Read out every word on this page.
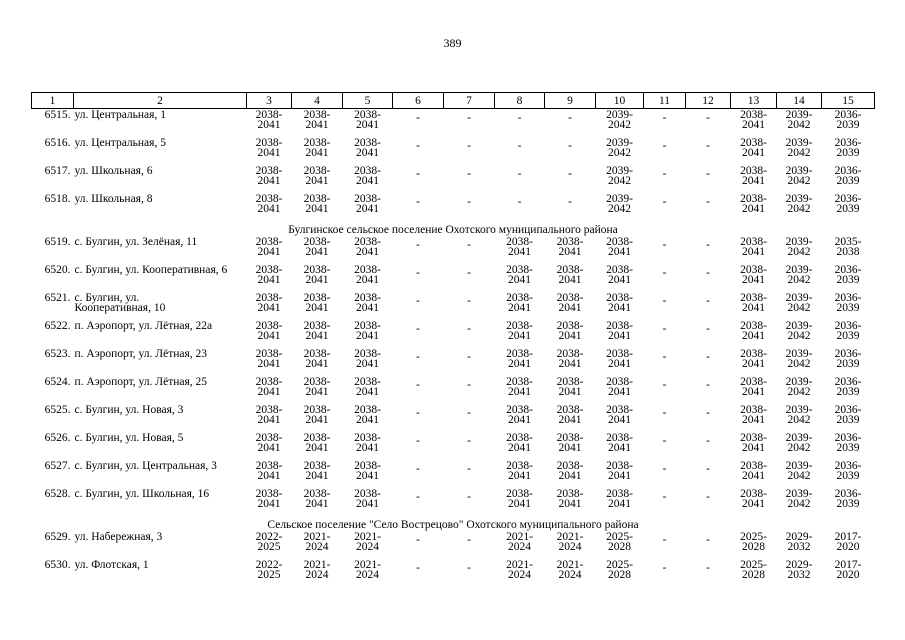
389
1	2	3	4	5	6	7	8	9	10	11	12	13	14	15
6515.	ул. Центральная, 1	2038-
2041	2038-
2041	2038-
2041	-	-	-	-	2039-
2042	-	-	2038-
2041	2039-
2042	2036-
2039

6516.	ул. Центральная, 5	2038-
2041	2038-
2041	2038-
2041	-	-	-	-	2039-
2042	-	-	2038-
2041	2039-
2042	2036-
2039

6517.	ул. Школьная, 6	2038-
2041	2038-
2041	2038-
2041	-	-	-	-	2039-
2042	-	-	2038-
2041	2039-
2042	2036-
2039

6518.	ул. Школьная, 8	2038-
2041	2038-
2041	2038-
2041	-	-	-	-	2039-
2042	-	-	2038-
2041	2039-
2042	2036-
2039

Булгинское сельское поселение Охотского муниципального района														
6519.	с. Булгин, ул. Зелёная, 11	2038-
2041	2038-
2041	2038-
2041	-	-	2038-
2041	2038-
2041	2038-
2041	-	-	2038-
2041	2039-
2042	2035-
2038

6520.	с. Булгин, ул. Кооперативная, 6	2038-
2041	2038-
2041	2038-
2041	-	-	2038-
2041	2038-
2041	2038-
2041	-	-	2038-
2041	2039-
2042	2036-
2039

6521.	с. Булгин, ул.
Кооперативная, 10	2038-
2041	2038-
2041	2038-
2041	-	-	2038-
2041	2038-
2041	2038-
2041	-	-	2038-
2041	2039-
2042	2036-
2039

6522.	п. Аэропорт, ул. Лётная, 22а	2038-
2041	2038-
2041	2038-
2041	-	-	2038-
2041	2038-
2041	2038-
2041	-	-	2038-
2041	2039-
2042	2036-
2039

6523.	п. Аэропорт, ул. Лётная, 23	2038-
2041	2038-
2041	2038-
2041	-	-	2038-
2041	2038-
2041	2038-
2041	-	-	2038-
2041	2039-
2042	2036-
2039

6524.	п. Аэропорт, ул. Лётная, 25	2038-
2041	2038-
2041	2038-
2041	-	-	2038-
2041	2038-
2041	2038-
2041	-	-	2038-
2041	2039-
2042	2036-
2039

6525.	с. Булгин, ул. Новая, 3	2038-
2041	2038-
2041	2038-
2041	-	-	2038-
2041	2038-
2041	2038-
2041	-	-	2038-
2041	2039-
2042	2036-
2039

6526.	с. Булгин, ул. Новая, 5	2038-
2041	2038-
2041	2038-
2041	-	-	2038-
2041	2038-
2041	2038-
2041	-	-	2038-
2041	2039-
2042	2036-
2039

6527.	с. Булгин, ул. Центральная, 3	2038-
2041	2038-
2041	2038-
2041	-	-	2038-
2041	2038-
2041	2038-
2041	-	-	2038-
2041	2039-
2042	2036-
2039

6528.	с. Булгин, ул. Школьная, 16	2038-
2041	2038-
2041	2038-
2041	-	-	2038-
2041	2038-
2041	2038-
2041	-	-	2038-
2041	2039-
2042	2036-
2039

Сельское поселение "Село Вострецово" Охотского муниципального района														
6529.	ул. Набережная, 3	2022-
2025	2021-
2024	2021-
2024	-	-	2021-
2024	2021-
2024	2025-
2028	-	-	2025-
2028	2029-
2032	2017-
2020

6530.	ул. Флотская, 1	2022-
2025	2021-
2024	2021-
2024	-	-	2021-
2024	2021-
2024	2025-
2028	-	-	2025-
2028	2029-
2032	2017-
2020
